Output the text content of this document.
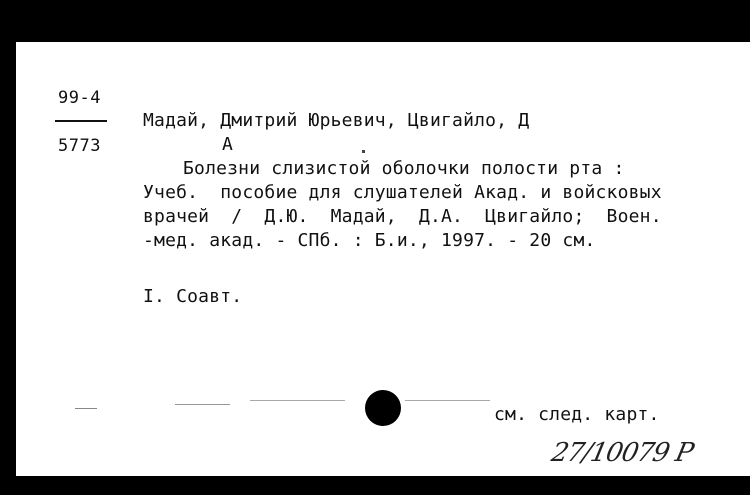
99-4
5773
Мадай, Дмитрий Юрьевич, Цвигайло, Д
А
Болезни слизистой оболочки полости рта :
Учеб.  пособие для слушателей Акад. и войсковых
врачей  /  Д.Ю.  Мадай,  Д.А.  Цвигайло;  Воен.
-мед. акад. - СПб. : Б.и., 1997. - 20 см.
I. Соавт.
см. след. карт.
27/10079 Р
